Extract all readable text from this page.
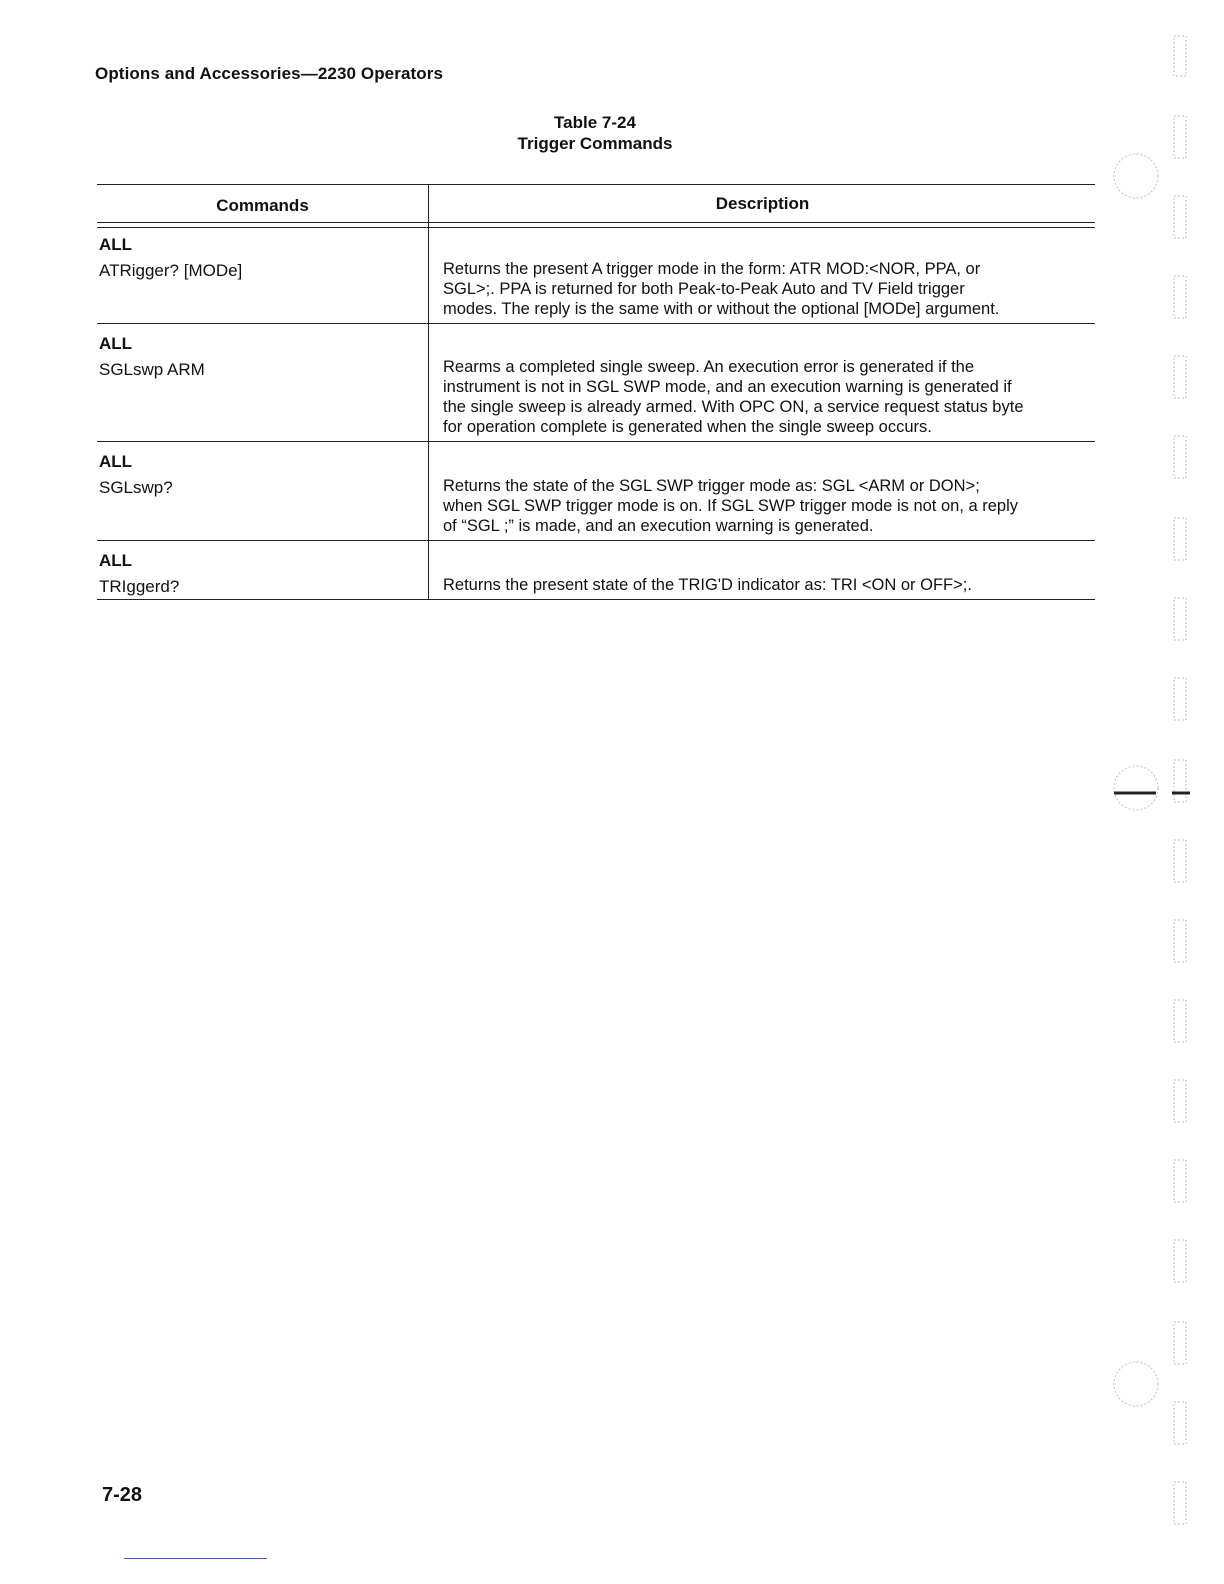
Options and Accessories—2230 Operators
Table 7-24
Trigger Commands
Commands	Description
ALL
ATRigger? [MODe]	Returns the present A trigger mode in the form: ATR MOD:<NOR, PPA, or
SGL>;. PPA is returned for both Peak-to-Peak Auto and TV Field trigger
modes. The reply is the same with or without the optional [MODe] argument.
ALL
SGLswp ARM	Rearms a completed single sweep. An execution error is generated if the
instrument is not in SGL SWP mode, and an execution warning is generated if
the single sweep is already armed. With OPC ON, a service request status byte
for operation complete is generated when the single sweep occurs.
ALL
SGLswp?	Returns the state of the SGL SWP trigger mode as: SGL <ARM or DON>;
when SGL SWP trigger mode is on. If SGL SWP trigger mode is not on, a reply
of “SGL ;” is made, and an execution warning is generated.
ALL
TRIggerd?	Returns the present state of the TRIG'D indicator as: TRI <ON or OFF>;.
7-28
